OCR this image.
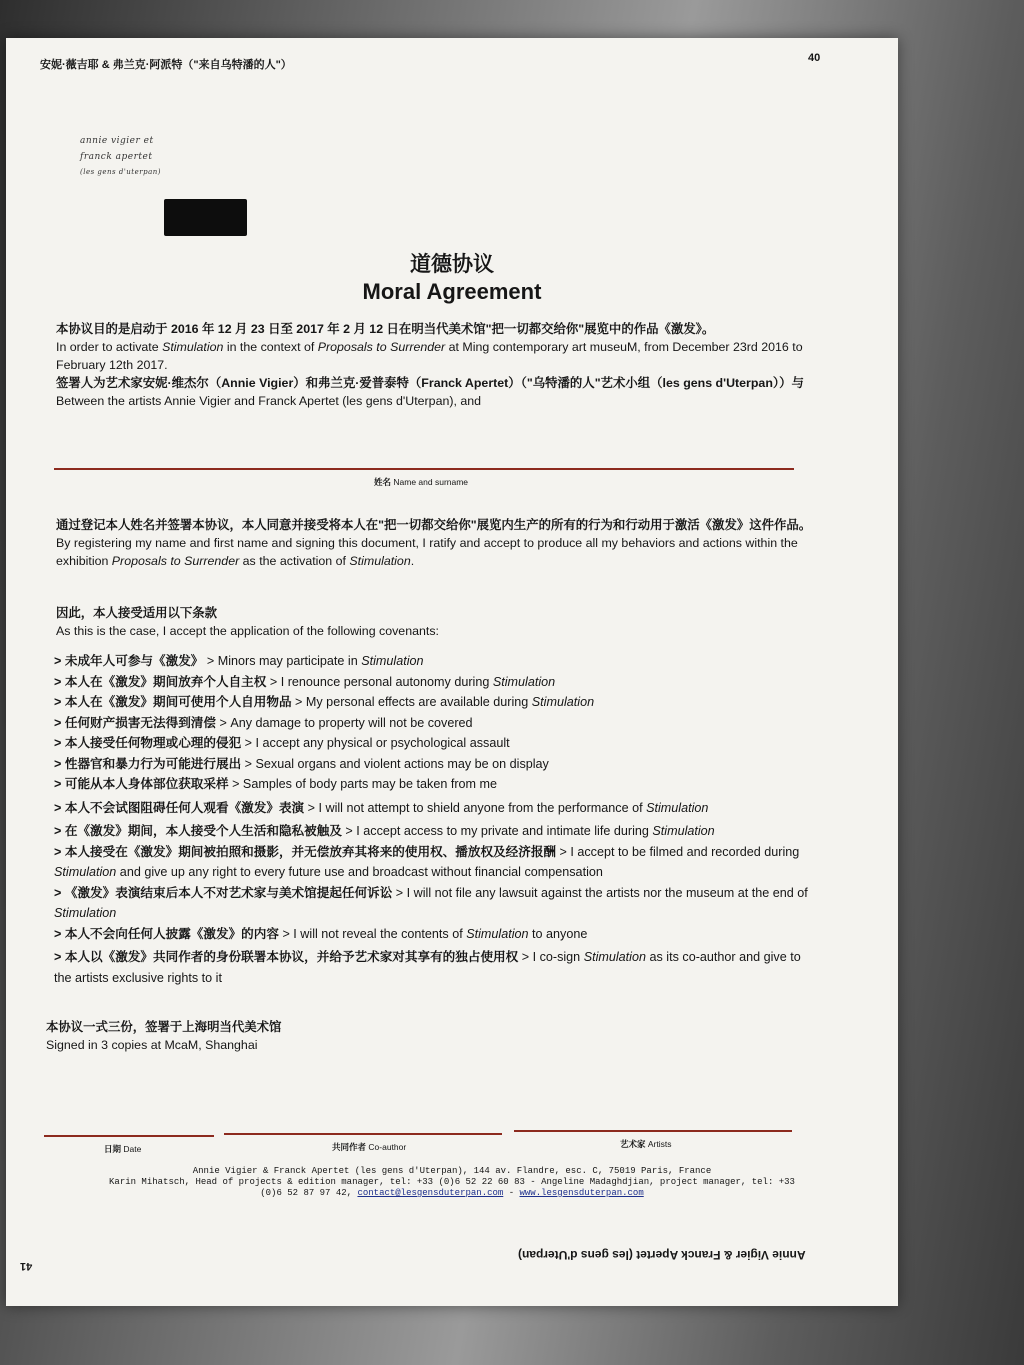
安妮·薇吉耶 & 弗兰克·阿派特（"来自乌特潘的人"）
40
annie vigier et
franck apertet
(les gens d'uterpan)
道德协议
Moral Agreement
本协议目的是启动于 2016 年 12 月 23 日至 2017 年 2 月 12 日在明当代美术馆"把一切都交给你"展览中的作品《激发》。
In order to activate Stimulation in the context of Proposals to Surrender at Ming contemporary art museuM, from December 23rd 2016 to February 12th 2017.
签署人为艺术家安妮·维杰尔（Annie Vigier）和弗兰克·爱普泰特（Franck Apertet）（"乌特潘的人"艺术小组（les gens d'Uterpan））与
Between the artists Annie Vigier and Franck Apertet (les gens d'Uterpan), and
姓名 Name and surname
通过登记本人姓名并签署本协议，本人同意并接受将本人在"把一切都交给你"展览内生产的所有的行为和行动用于激活《激发》这件作品。
By registering my name and first name and signing this document, I ratify and accept to produce all my behaviors and actions within the exhibition Proposals to Surrender as the activation of Stimulation.
因此，本人接受适用以下条款
As this is the case, I accept the application of the following covenants:
> 未成年人可参与《激发》 > Minors may participate in Stimulation
> 本人在《激发》期间放弃个人自主权 > I renounce personal autonomy during Stimulation
> 本人在《激发》期间可使用个人自用物品 > My personal effects are available during Stimulation
> 任何财产损害无法得到清偿 > Any damage to property will not be covered
> 本人接受任何物理或心理的侵犯 > I accept any physical or psychological assault
> 性器官和暴力行为可能进行展出 > Sexual organs and violent actions may be on display
> 可能从本人身体部位获取采样 > Samples of body parts may be taken from me
> 本人不会试图阻碍任何人观看《激发》表演 > I will not attempt to shield anyone from the performance of Stimulation
> 在《激发》期间，本人接受个人生活和隐私被触及 > I accept access to my private and intimate life during Stimulation
> 本人接受在《激发》期间被拍照和摄影，并无偿放弃其将来的使用权、播放权及经济报酬 > I accept to be filmed and recorded during Stimulation and give up any right to every future use and broadcast without financial compensation
> 《激发》表演结束后本人不对艺术家与美术馆提起任何诉讼 > I will not file any lawsuit against the artists nor the museum at the end of Stimulation
> 本人不会向任何人披露《激发》的内容 > I will not reveal the contents of Stimulation to anyone
> 本人以《激发》共同作者的身份联署本协议，并给予艺术家对其享有的独占使用权 > I co-sign Stimulation as its co-author and give to the artists exclusive rights to it
本协议一式三份，签署于上海明当代美术馆
Signed in 3 copies at McaM, Shanghai
日期 Date	共同作者 Co-author	艺术家 Artists
Annie Vigier & Franck Apertet (les gens d'Uterpan), 144 av. Flandre, esc. C, 75019 Paris, France
Karin Mihatsch, Head of projects & edition manager, tel: +33 (0)6 52 22 60 83 - Angeline Madaghdjian, project manager, tel: +33
(0)6 52 87 97 42, contact@lesgensduterpan.com - www.lesgensduterpan.com
Annie Vigier & Franck Apertet (les gens d'Uterpan)
41
